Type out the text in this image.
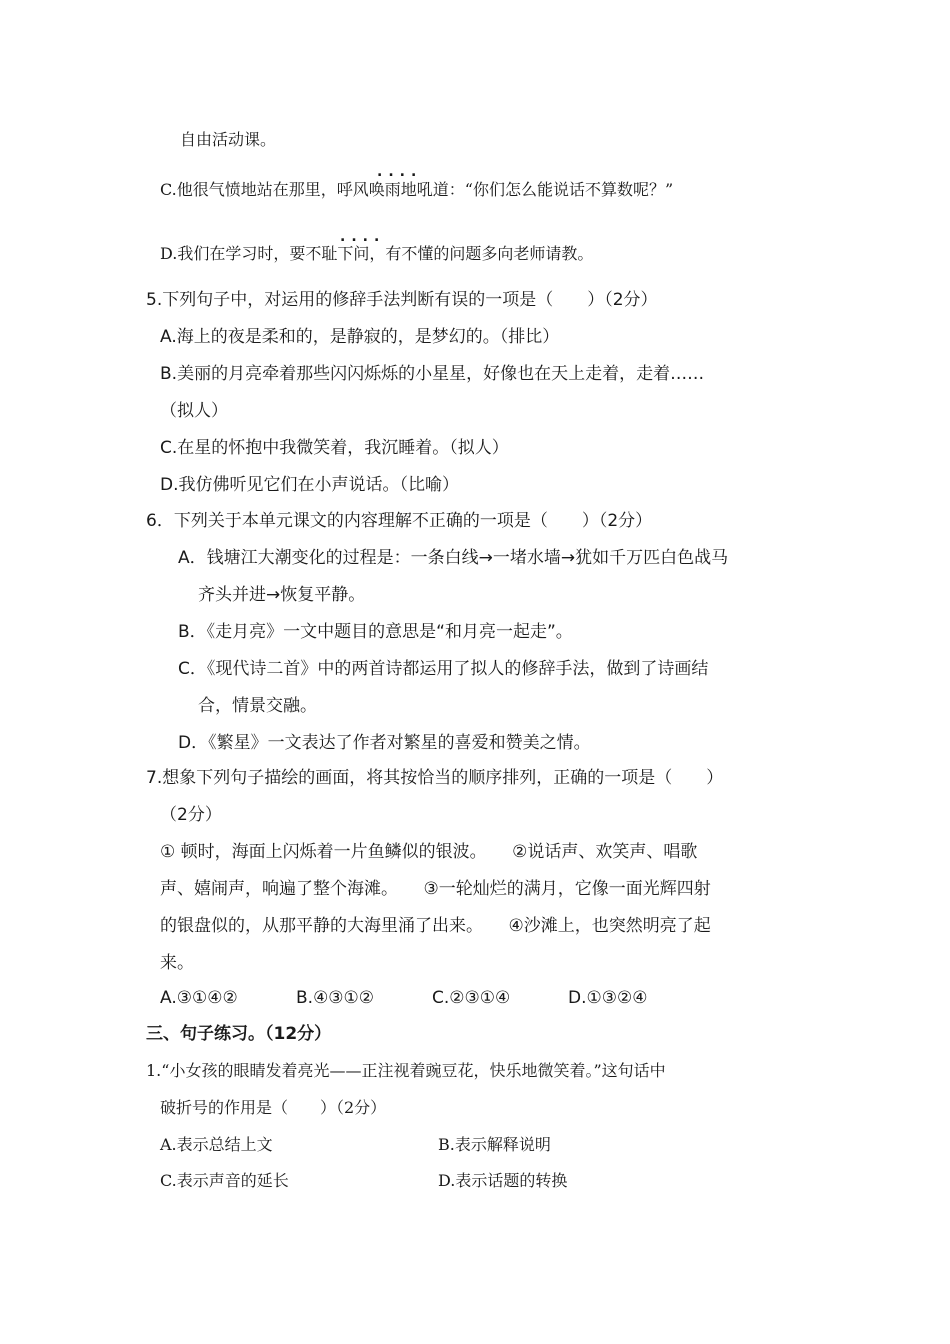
自由活动课。
....
C.他很气愤地站在那里，呼风唤雨地吼道：“你们怎么能说话不算数呢？”
....
D.我们在学习时，要不耻下问，有不懂的问题多向老师请教。
5.下列句子中，对运用的修辞手法判断有误的一项是（　　）（2分）
A.海上的夜是柔和的，是静寂的，是梦幻的。（排比）
B.美丽的月亮牵着那些闪闪烁烁的小星星，好像也在天上走着，走着……
（拟人）
C.在星的怀抱中我微笑着，我沉睡着。（拟人）
D.我仿佛听见它们在小声说话。（比喻）
6．下列关于本单元课文的内容理解不正确的一项是（　　）（2分）
A．钱塘江大潮变化的过程是：一条白线→一堵水墙→犹如千万匹白色战马
齐头并进→恢复平静。
B．《走月亮》一文中题目的意思是“和月亮一起走”。
C．《现代诗二首》中的两首诗都运用了拟人的修辞手法，做到了诗画结
合，情景交融。
D．《繁星》一文表达了作者对繁星的喜爱和赞美之情。
7.想象下列句子描绘的画面，将其按恰当的顺序排列，正确的一项是（　　）
（2分）
① 顿时，海面上闪烁着一片鱼鳞似的银波。　　②说话声、欢笑声、唱歌
声、嬉闹声，响遍了整个海滩。　　③一轮灿烂的满月，它像一面光辉四射
的银盘似的，从那平静的大海里涌了出来。　　④沙滩上，也突然明亮了起
来。
A.③①④②	B.④③①②	C.②③①④	D.①③②④
三、句子练习。（12分）
1.“小女孩的眼睛发着亮光——正注视着豌豆花，快乐地微笑着。”这句话中
破折号的作用是（　　）（2分）
A.表示总结上文	B.表示解释说明
C.表示声音的延长	D.表示话题的转换
